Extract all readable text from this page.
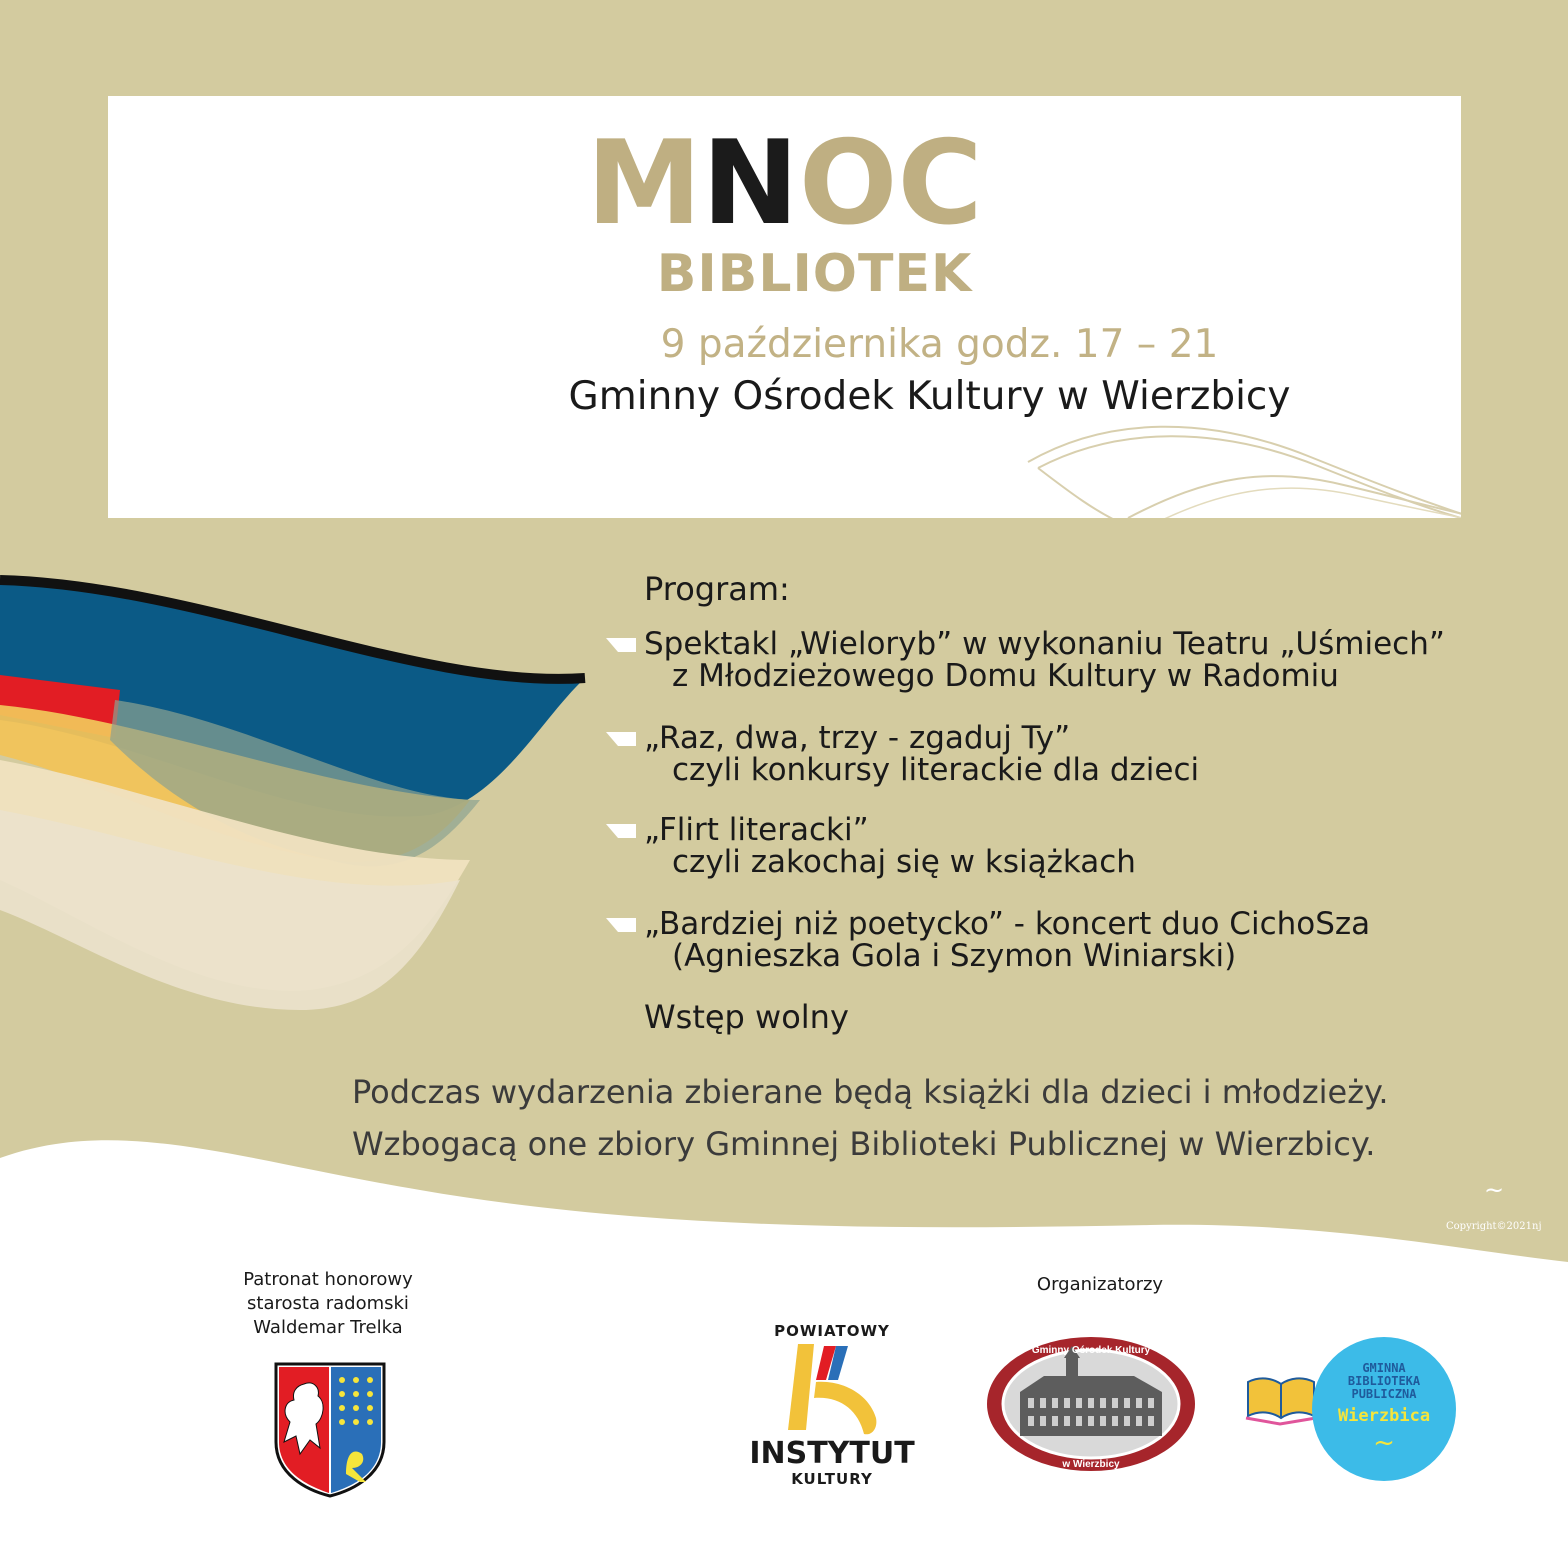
MNOC
BIBLIOTEK
9 października godz. 17 – 21
Gminny Ośrodek Kultury w Wierzbicy
Program:
Spektakl „Wieloryb” w wykonaniu Teatru „Uśmiech”
z Młodzieżowego Domu Kultury w Radomiu
„Raz, dwa, trzy - zgaduj Ty”
czyli konkursy literackie dla dzieci
„Flirt literacki”
czyli zakochaj się w książkach
„Bardziej niż poetycko” - koncert duo CichoSza
(Agnieszka Gola i Szymon Winiarski)
Wstęp wolny
Podczas wydarzenia zbierane będą książki dla dzieci i młodzieży.
Wzbogacą one zbiory Gminnej Biblioteki Publicznej w Wierzbicy.
~
Copyright©2021nj
Patronat honorowy
starosta radomski
Waldemar Trelka
Organizatorzy
POWIATOWY
INSTYTUT
KULTURY
Gminny Ośrodek Kultury
w Wierzbicy
GMINNA
BIBLIOTEKA
PUBLICZNA
Wierzbica
~
